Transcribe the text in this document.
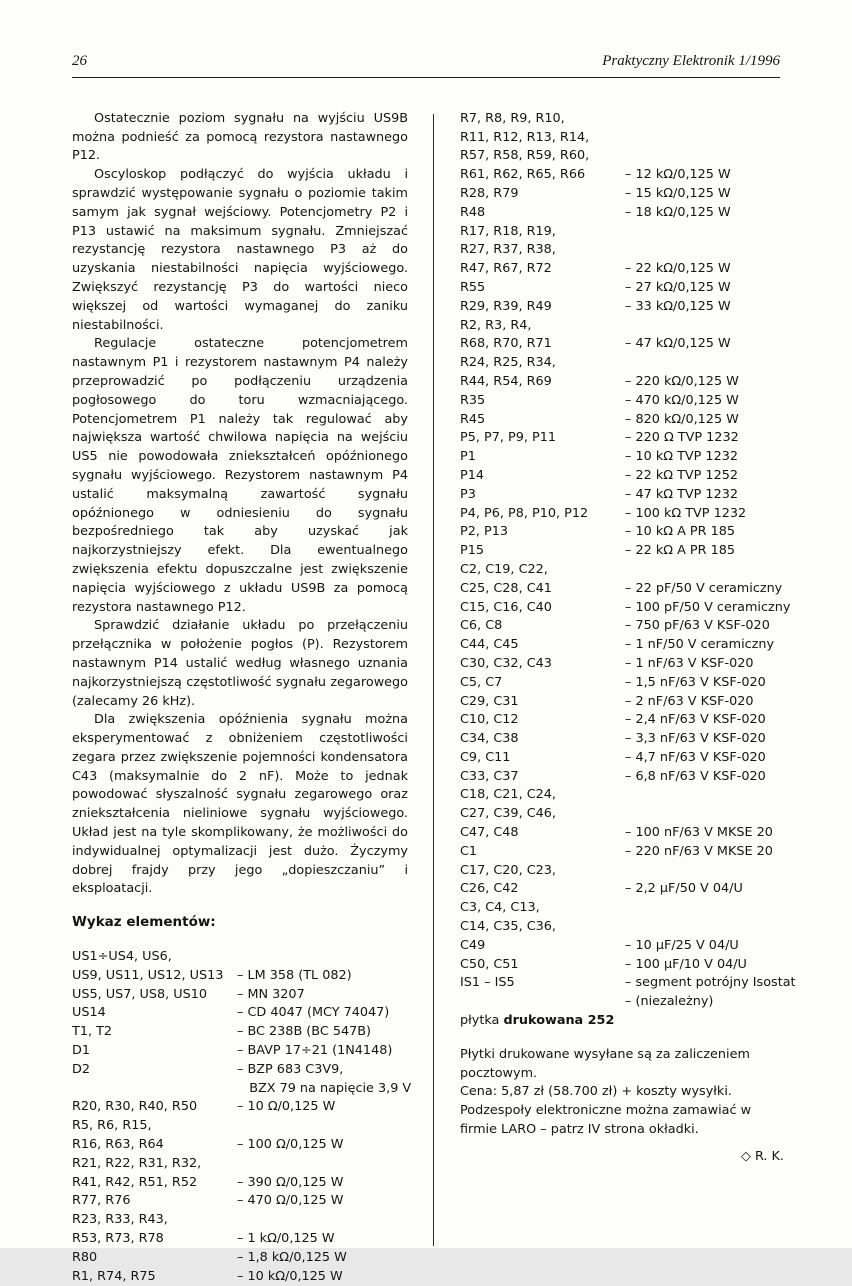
26	Praktyczny Elektronik 1/1996

Ostatecznie poziom sygnału na wyjściu US9B można podnieść za pomocą rezystora nastawnego P12.

Oscyloskop podłączyć do wyjścia układu i sprawdzić występowanie sygnału o poziomie takim samym jak sygnał wejściowy. Potencjometry P2 i P13 ustawić na maksimum sygnału. Zmniejszać rezystancję rezystora nastawnego P3 aż do uzyskania niestabilności napięcia wyjściowego. Zwiększyć rezystancję P3 do wartości nieco większej od wartości wymaganej do zaniku niestabilności.

Regulacje ostateczne potencjometrem nastawnym P1 i rezystorem nastawnym P4 należy przeprowadzić po podłączeniu urządzenia pogłosowego do toru wzmacniającego. Potencjometrem P1 należy tak regulować aby największa wartość chwilowa napięcia na wejściu US5 nie powodowała zniekształceń opóźnionego sygnału wyjściowego. Rezystorem nastawnym P4 ustalić maksymalną zawartość sygnału opóźnionego w odniesieniu do sygnału bezpośredniego tak aby uzyskać jak najkorzystniejszy efekt. Dla ewentualnego zwiększenia efektu dopuszczalne jest zwiększenie napięcia wyjściowego z układu US9B za pomocą rezystora nastawnego P12.

Sprawdzić działanie układu po przełączeniu przełącznika w położenie pogłos (P). Rezystorem nastawnym P14 ustalić według własnego uznania najkorzystniejszą częstotliwość sygnału zegarowego (zalecamy 26 kHz).

Dla zwiększenia opóźnienia sygnału można eksperymentować z obniżeniem częstotliwości zegara przez zwiększenie pojemności kondensatora C43 (maksymalnie do 2 nF). Może to jednak powodować słyszalność sygnału zegarowego oraz zniekształcenia nieliniowe sygnału wyjściowego. Układ jest na tyle skomplikowany, że możliwości do indywidualnej optymalizacji jest dużo. Życzymy dobrej frajdy przy jego „dopieszczaniu” i eksploatacji.

Wykaz elementów:
US1÷US4, US6,
US9, US11, US12, US13	– LM 358 (TL 082)
US5, US7, US8, US10	– MN 3207
US14	– CD 4047 (MCY 74047)
T1, T2	– BC 238B (BC 547B)
D1	– BAVP 17÷21 (1N4148)
D2	– BZP 683 C3V9,
BZX 79 na napięcie 3,9 V
R20, R30, R40, R50	– 10 Ω/0,125 W
R5, R6, R15,
R16, R63, R64	– 100 Ω/0,125 W
R21, R22, R31, R32,
R41, R42, R51, R52	– 390 Ω/0,125 W
R77, R76	– 470 Ω/0,125 W
R23, R33, R43,
R53, R73, R78	– 1 kΩ/0,125 W
R80	– 1,8 kΩ/0,125 W
R1, R74, R75	– 10 kΩ/0,125 W
R7, R8, R9, R10,
R11, R12, R13, R14,
R57, R58, R59, R60,
R61, R62, R65, R66	– 12 kΩ/0,125 W
R28, R79	– 15 kΩ/0,125 W
R48	– 18 kΩ/0,125 W
R17, R18, R19,
R27, R37, R38,
R47, R67, R72	– 22 kΩ/0,125 W
R55	– 27 kΩ/0,125 W
R29, R39, R49	– 33 kΩ/0,125 W
R2, R3, R4,
R68, R70, R71	– 47 kΩ/0,125 W
R24, R25, R34,
R44, R54, R69	– 220 kΩ/0,125 W
R35	– 470 kΩ/0,125 W
R45	– 820 kΩ/0,125 W
P5, P7, P9, P11	– 220 Ω TVP 1232
P1	– 10 kΩ TVP 1232
P14	– 22 kΩ TVP 1252
P3	– 47 kΩ TVP 1232
P4, P6, P8, P10, P12	– 100 kΩ TVP 1232
P2, P13	– 10 kΩ A PR 185
P15	– 22 kΩ A PR 185
C2, C19, C22,
C25, C28, C41	– 22 pF/50 V ceramiczny
C15, C16, C40	– 100 pF/50 V ceramiczny
C6, C8	– 750 pF/63 V KSF-020
C44, C45	– 1 nF/50 V ceramiczny
C30, C32, C43	– 1 nF/63 V KSF-020
C5, C7	– 1,5 nF/63 V KSF-020
C29, C31	– 2 nF/63 V KSF-020
C10, C12	– 2,4 nF/63 V KSF-020
C34, C38	– 3,3 nF/63 V KSF-020
C9, C11	– 4,7 nF/63 V KSF-020
C33, C37	– 6,8 nF/63 V KSF-020
C18, C21, C24,
C27, C39, C46,
C47, C48	– 100 nF/63 V MKSE 20
C1	– 220 nF/63 V MKSE 20
C17, C20, C23,
C26, C42	– 2,2 µF/50 V 04/U
C3, C4, C13,
C14, C35, C36,
C49	– 10 µF/25 V 04/U
C50, C51	– 100 µF/10 V 04/U
IS1 – IS5	– segment potrójny Isostat
– (niezależny)
płytka drukowana 252

Płytki drukowane wysyłane są za zaliczeniem pocztowym.

Cena: 5,87 zł (58.700 zł) + koszty wysyłki.

Podzespoły elektroniczne można zamawiać w firmie LARO – patrz IV strona okładki.

◇ R. K.
